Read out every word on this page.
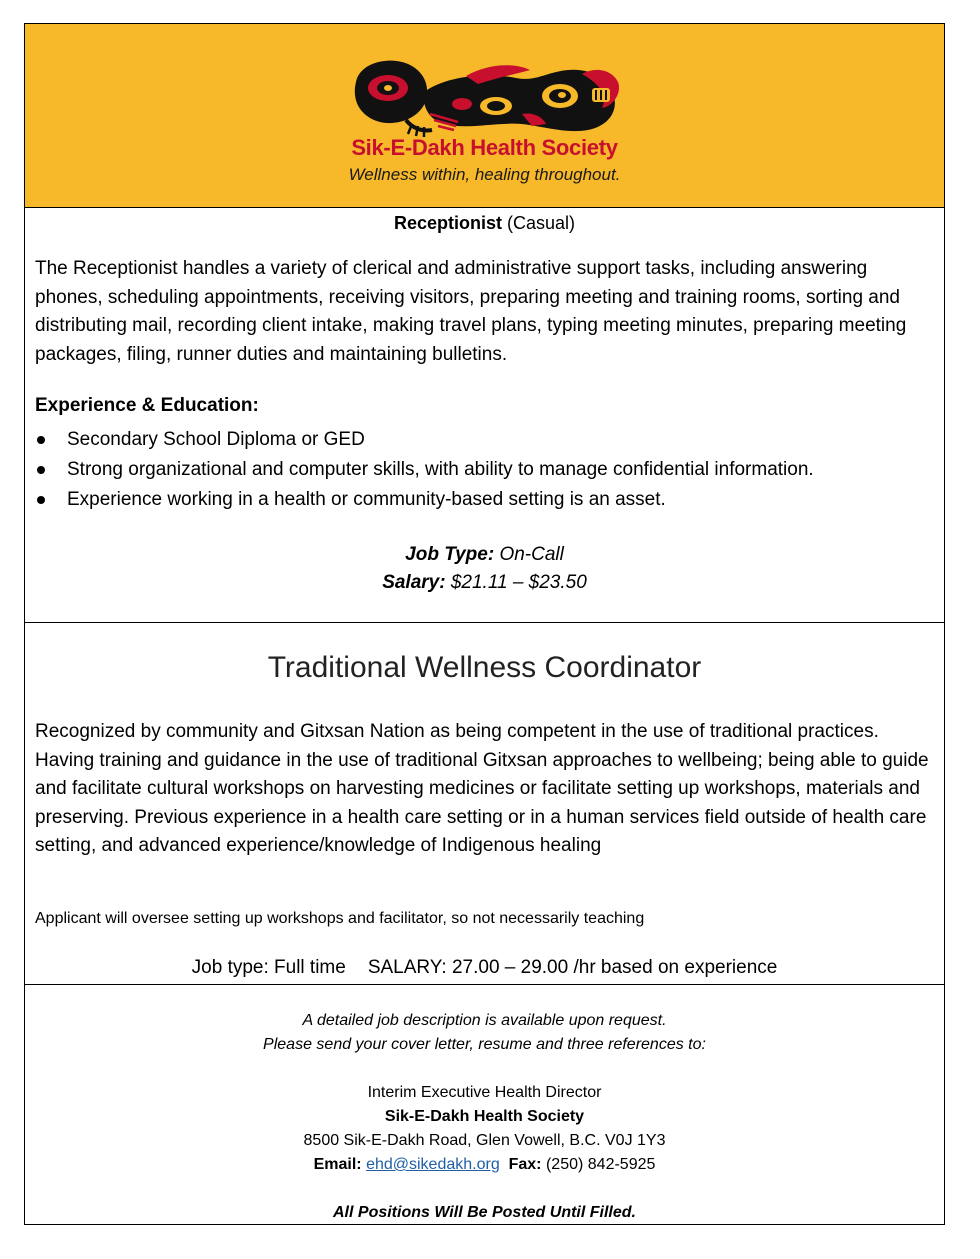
Sik-E-Dakh Health Society
Wellness within, healing throughout.
Receptionist (Casual)
The Receptionist handles a variety of clerical and administrative support tasks, including answering phones, scheduling appointments, receiving visitors, preparing meeting and training rooms, sorting and distributing mail, recording client intake, making travel plans, typing meeting minutes, preparing meeting packages, filing, runner duties and maintaining bulletins.
Experience & Education:
Secondary School Diploma or GED
Strong organizational and computer skills, with ability to manage confidential information.
Experience working in a health or community-based setting is an asset.
Job Type: On-Call
Salary: $21.11 – $23.50
Traditional Wellness Coordinator
Recognized by community and Gitxsan Nation as being competent in the use of traditional practices. Having training and guidance in the use of traditional Gitxsan approaches to wellbeing; being able to guide and facilitate cultural workshops on harvesting medicines or facilitate setting up workshops, materials and preserving. Previous experience in a health care setting or in a human services field outside of health care setting, and advanced experience/knowledge of Indigenous healing
Applicant will oversee setting up workshops and facilitator, so not necessarily teaching
Job type: Full time SALARY: 27.00 – 29.00 /hr based on experience
A detailed job description is available upon request.
Please send your cover letter, resume and three references to:
Interim Executive Health Director
Sik-E-Dakh Health Society
8500 Sik-E-Dakh Road, Glen Vowell, B.C. V0J 1Y3
Email: ehd@sikedakh.org Fax: (250) 842-5925
All Positions Will Be Posted Until Filled.
